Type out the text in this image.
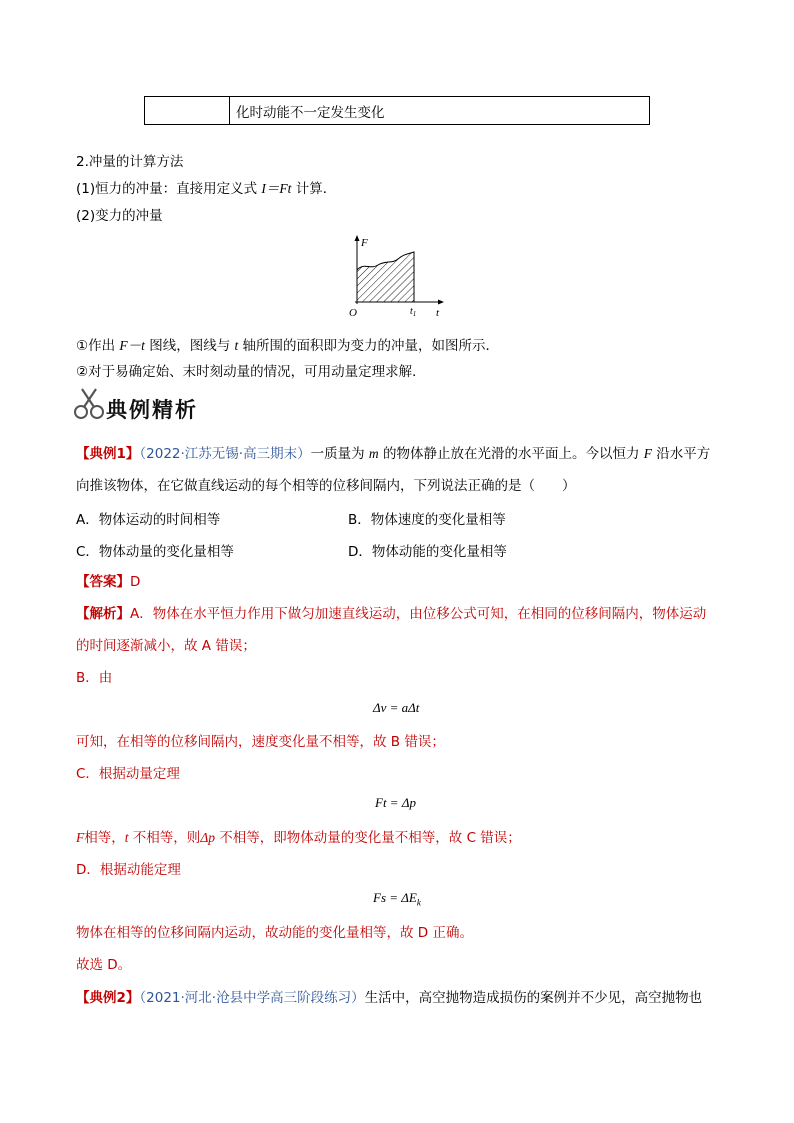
	化时动能不一定发生变化
2.冲量的计算方法
(1)恒力的冲量：直接用定义式 I＝Ft 计算．
(2)变力的冲量
F
t
O	$t_1$
①作出 F－t 图线，图线与 t 轴所围的面积即为变力的冲量，如图所示．
②对于易确定始、末时刻动量的情况，可用动量定理求解．
典例精析
【典例1】（2022·江苏无锡·高三期末）一质量为 m 的物体静止放在光滑的水平面上。今以恒力 F 沿水平方
向推该物体，在它做直线运动的每个相等的位移间隔内，下列说法正确的是（　　）
A．物体运动的时间相等	B．物体速度的变化量相等
C．物体动量的变化量相等	D．物体动能的变化量相等
【答案】D
【解析】A．物体在水平恒力作用下做匀加速直线运动，由位移公式可知，在相同的位移间隔内，物体运动
的时间逐渐减小，故 A 错误；
B．由
Δv = aΔt
可知，在相等的位移间隔内，速度变化量不相等，故 B 错误；
C．根据动量定理
Ft = Δp
F相等，t 不相等，则Δp 不相等，即物体动量的变化量不相等，故 C 错误；
D．根据动能定理
$Fs = \Delta E_k$
物体在相等的位移间隔内运动，故动能的变化量相等，故 D 正确。
故选 D。
【典例2】（2021·河北·沧县中学高三阶段练习）生活中，高空抛物造成损伤的案例并不少见，高空抛物也
